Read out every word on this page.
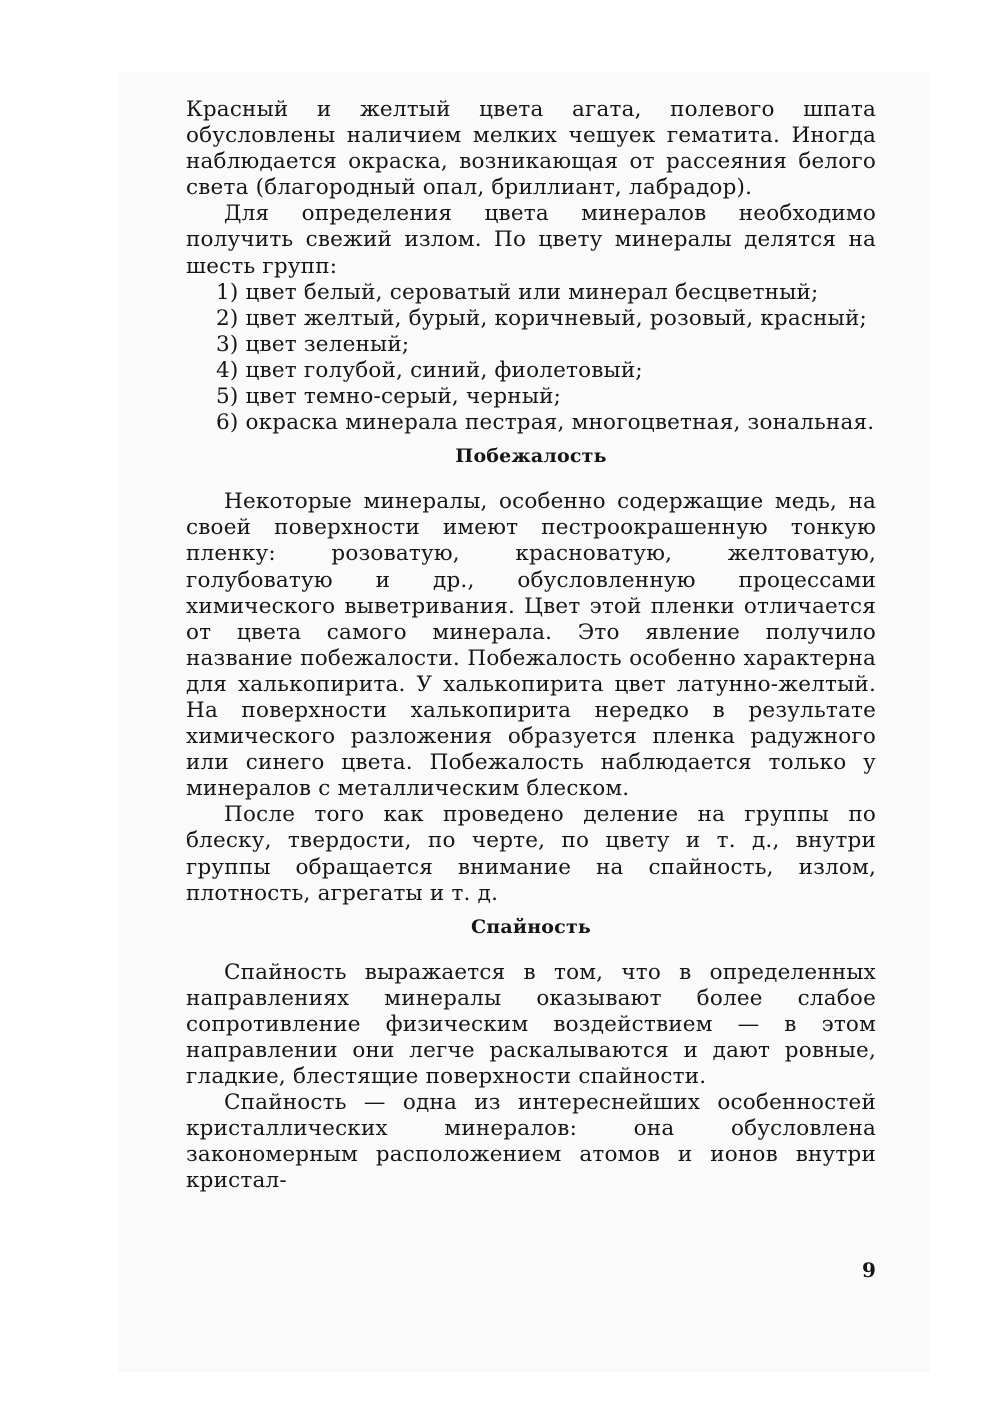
Красный и желтый цвета агата, полевого шпата обусловлены наличием мелких чешуек гематита. Иногда наблюдается окраска, возникающая от рассеяния белого света (благородный опал, бриллиант, лабрадор).

Для определения цвета минералов необходимо получить свежий излом. По цвету минералы делятся на шесть групп:

1) цвет белый, сероватый или минерал бесцветный;

2) цвет желтый, бурый, коричневый, розовый, красный;

3) цвет зеленый;

4) цвет голубой, синий, фиолетовый;

5) цвет темно-серый, черный;

6) окраска минерала пестрая, многоцветная, зональная.

Побежалость

Некоторые минералы, особенно содержащие медь, на своей поверхности имеют пестроокрашенную тонкую пленку: розоватую, красноватую, желтоватую, голубоватую и др., обусловленную процессами химического выветривания. Цвет этой пленки отличается от цвета самого минерала. Это явление получило название побежалости. Побежалость особенно характерна для халькопирита. У халькопирита цвет латунно-желтый. На поверхности халькопирита нередко в результате химического разложения образуется пленка радужного или синего цвета. Побежалость наблюдается только у минералов с металлическим блеском.

После того как проведено деление на группы по блеску, твердости, по черте, по цвету и т. д., внутри группы обращается внимание на спайность, излом, плотность, агрегаты и т. д.

Спайность

Спайность выражается в том, что в определенных направлениях минералы оказывают более слабое сопротивление физическим воздействием — в этом направлении они легче раскалываются и дают ровные, гладкие, блестящие поверхности спайности.

Спайность — одна из интереснейших особенностей кристаллических минералов: она обусловлена закономерным расположением атомов и ионов внутри кристал-

9
